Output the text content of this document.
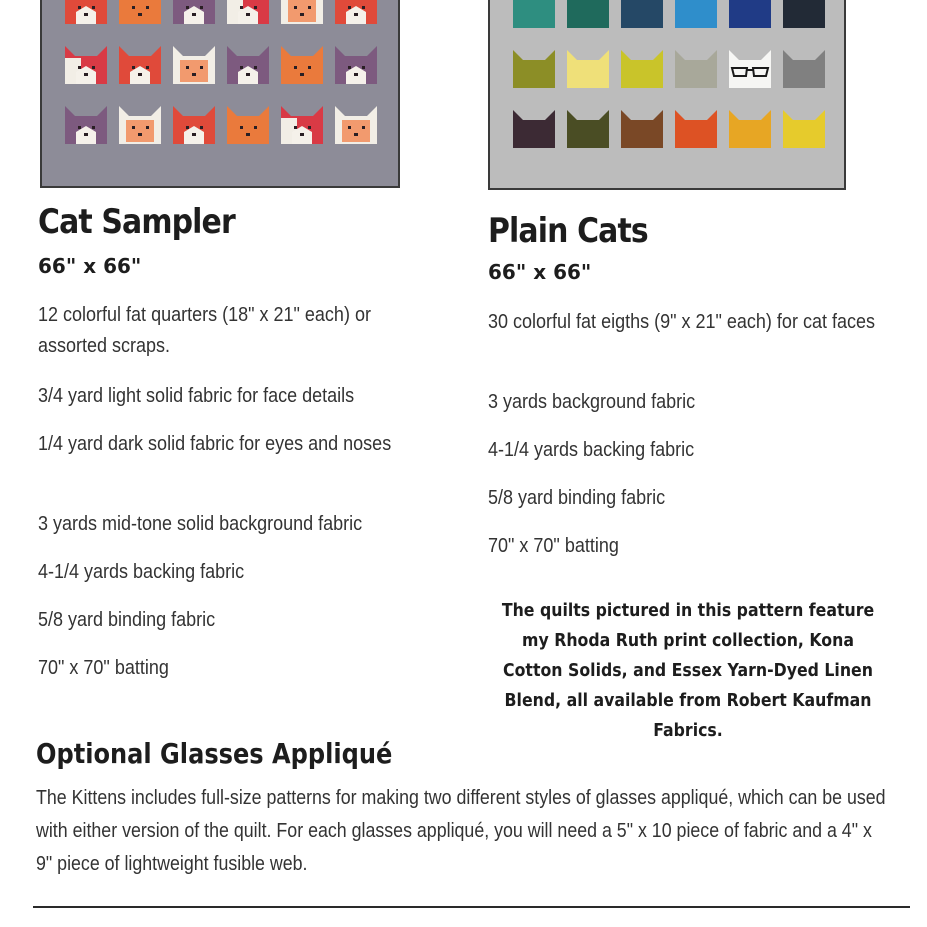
Cat Sampler

66" x 66"

12 colorful fat quarters (18" x 21" each) or assorted scraps.

3/4 yard light solid fabric for face details

1/4 yard dark solid fabric for eyes and noses

3 yards mid-tone solid background fabric

4-1/4 yards backing fabric

5/8 yard binding fabric

70" x 70" batting

Plain Cats

66" x 66"

30 colorful fat eigths (9" x 21" each) for cat faces

3 yards background fabric

4-1/4 yards backing fabric

5/8 yard binding fabric

70" x 70" batting

The quilts pictured in this pattern feature my Rhoda Ruth print collection, Kona Cotton Solids, and Essex Yarn-Dyed Linen Blend, all available from Robert Kaufman Fabrics.

Optional Glasses Appliqué

The Kittens includes full-size patterns for making two different styles of glasses appliqué, which can be used with either version of the quilt. For each glasses appliqué, you will need a 5" x 10 piece of fabric and a 4" x 9" piece of lightweight fusible web.
